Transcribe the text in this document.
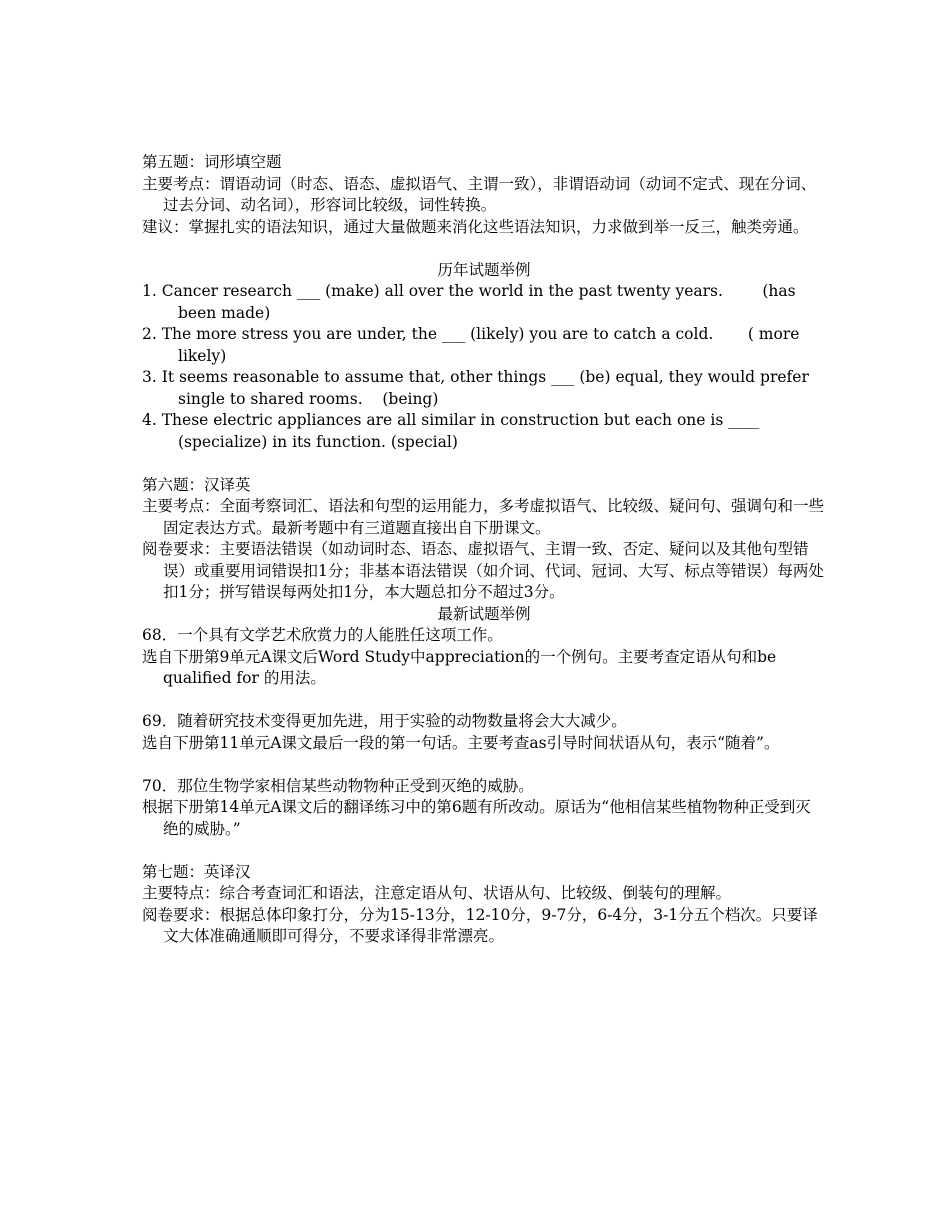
第五题：词形填空题

主要考点：谓语动词（时态、语态、虚拟语气、主谓一致），非谓语动词（动词不定式、现在分词、过去分词、动名词），形容词比较级，词性转换。

建议：掌握扎实的语法知识，通过大量做题来消化这些语法知识，力求做到举一反三，触类旁通。

历年试题举例

1. Cancer research ___ (make) all over the world in the past twenty years.	(has been made)

2. The more stress you are under, the ___ (likely) you are to catch a cold. ( more likely)

3. It seems reasonable to assume that, other things ___ (be) equal, they would prefer single to shared rooms. (being)

4. These electric appliances are all similar in construction but each one is ____ (specialize) in its function. (special)

第六题：汉译英

主要考点：全面考察词汇、语法和句型的运用能力，多考虚拟语气、比较级、疑问句、强调句和一些固定表达方式。最新考题中有三道题直接出自下册课文。

阅卷要求：主要语法错误（如动词时态、语态、虚拟语气、主谓一致、否定、疑问以及其他句型错误）或重要用词错误扣1分；非基本语法错误（如介词、代词、冠词、大写、标点等错误）每两处扣1分；拼写错误每两处扣1分，本大题总扣分不超过3分。

最新试题举例

68．一个具有文学艺术欣赏力的人能胜任这项工作。

选自下册第9单元A课文后Word Study中appreciation的一个例句。主要考查定语从句和be qualified for 的用法。

69．随着研究技术变得更加先进，用于实验的动物数量将会大大减少。

选自下册第11单元A课文最后一段的第一句话。主要考查as引导时间状语从句，表示“随着”。

70．那位生物学家相信某些动物物种正受到灭绝的威胁。

根据下册第14单元A课文后的翻译练习中的第6题有所改动。原话为“他相信某些植物物种正受到灭绝的威胁。”

第七题：英译汉

主要特点：综合考查词汇和语法，注意定语从句、状语从句、比较级、倒装句的理解。

阅卷要求：根据总体印象打分，分为15-13分，12-10分，9-7分，6-4分，3-1分五个档次。只要译文大体准确通顺即可得分，不要求译得非常漂亮。
